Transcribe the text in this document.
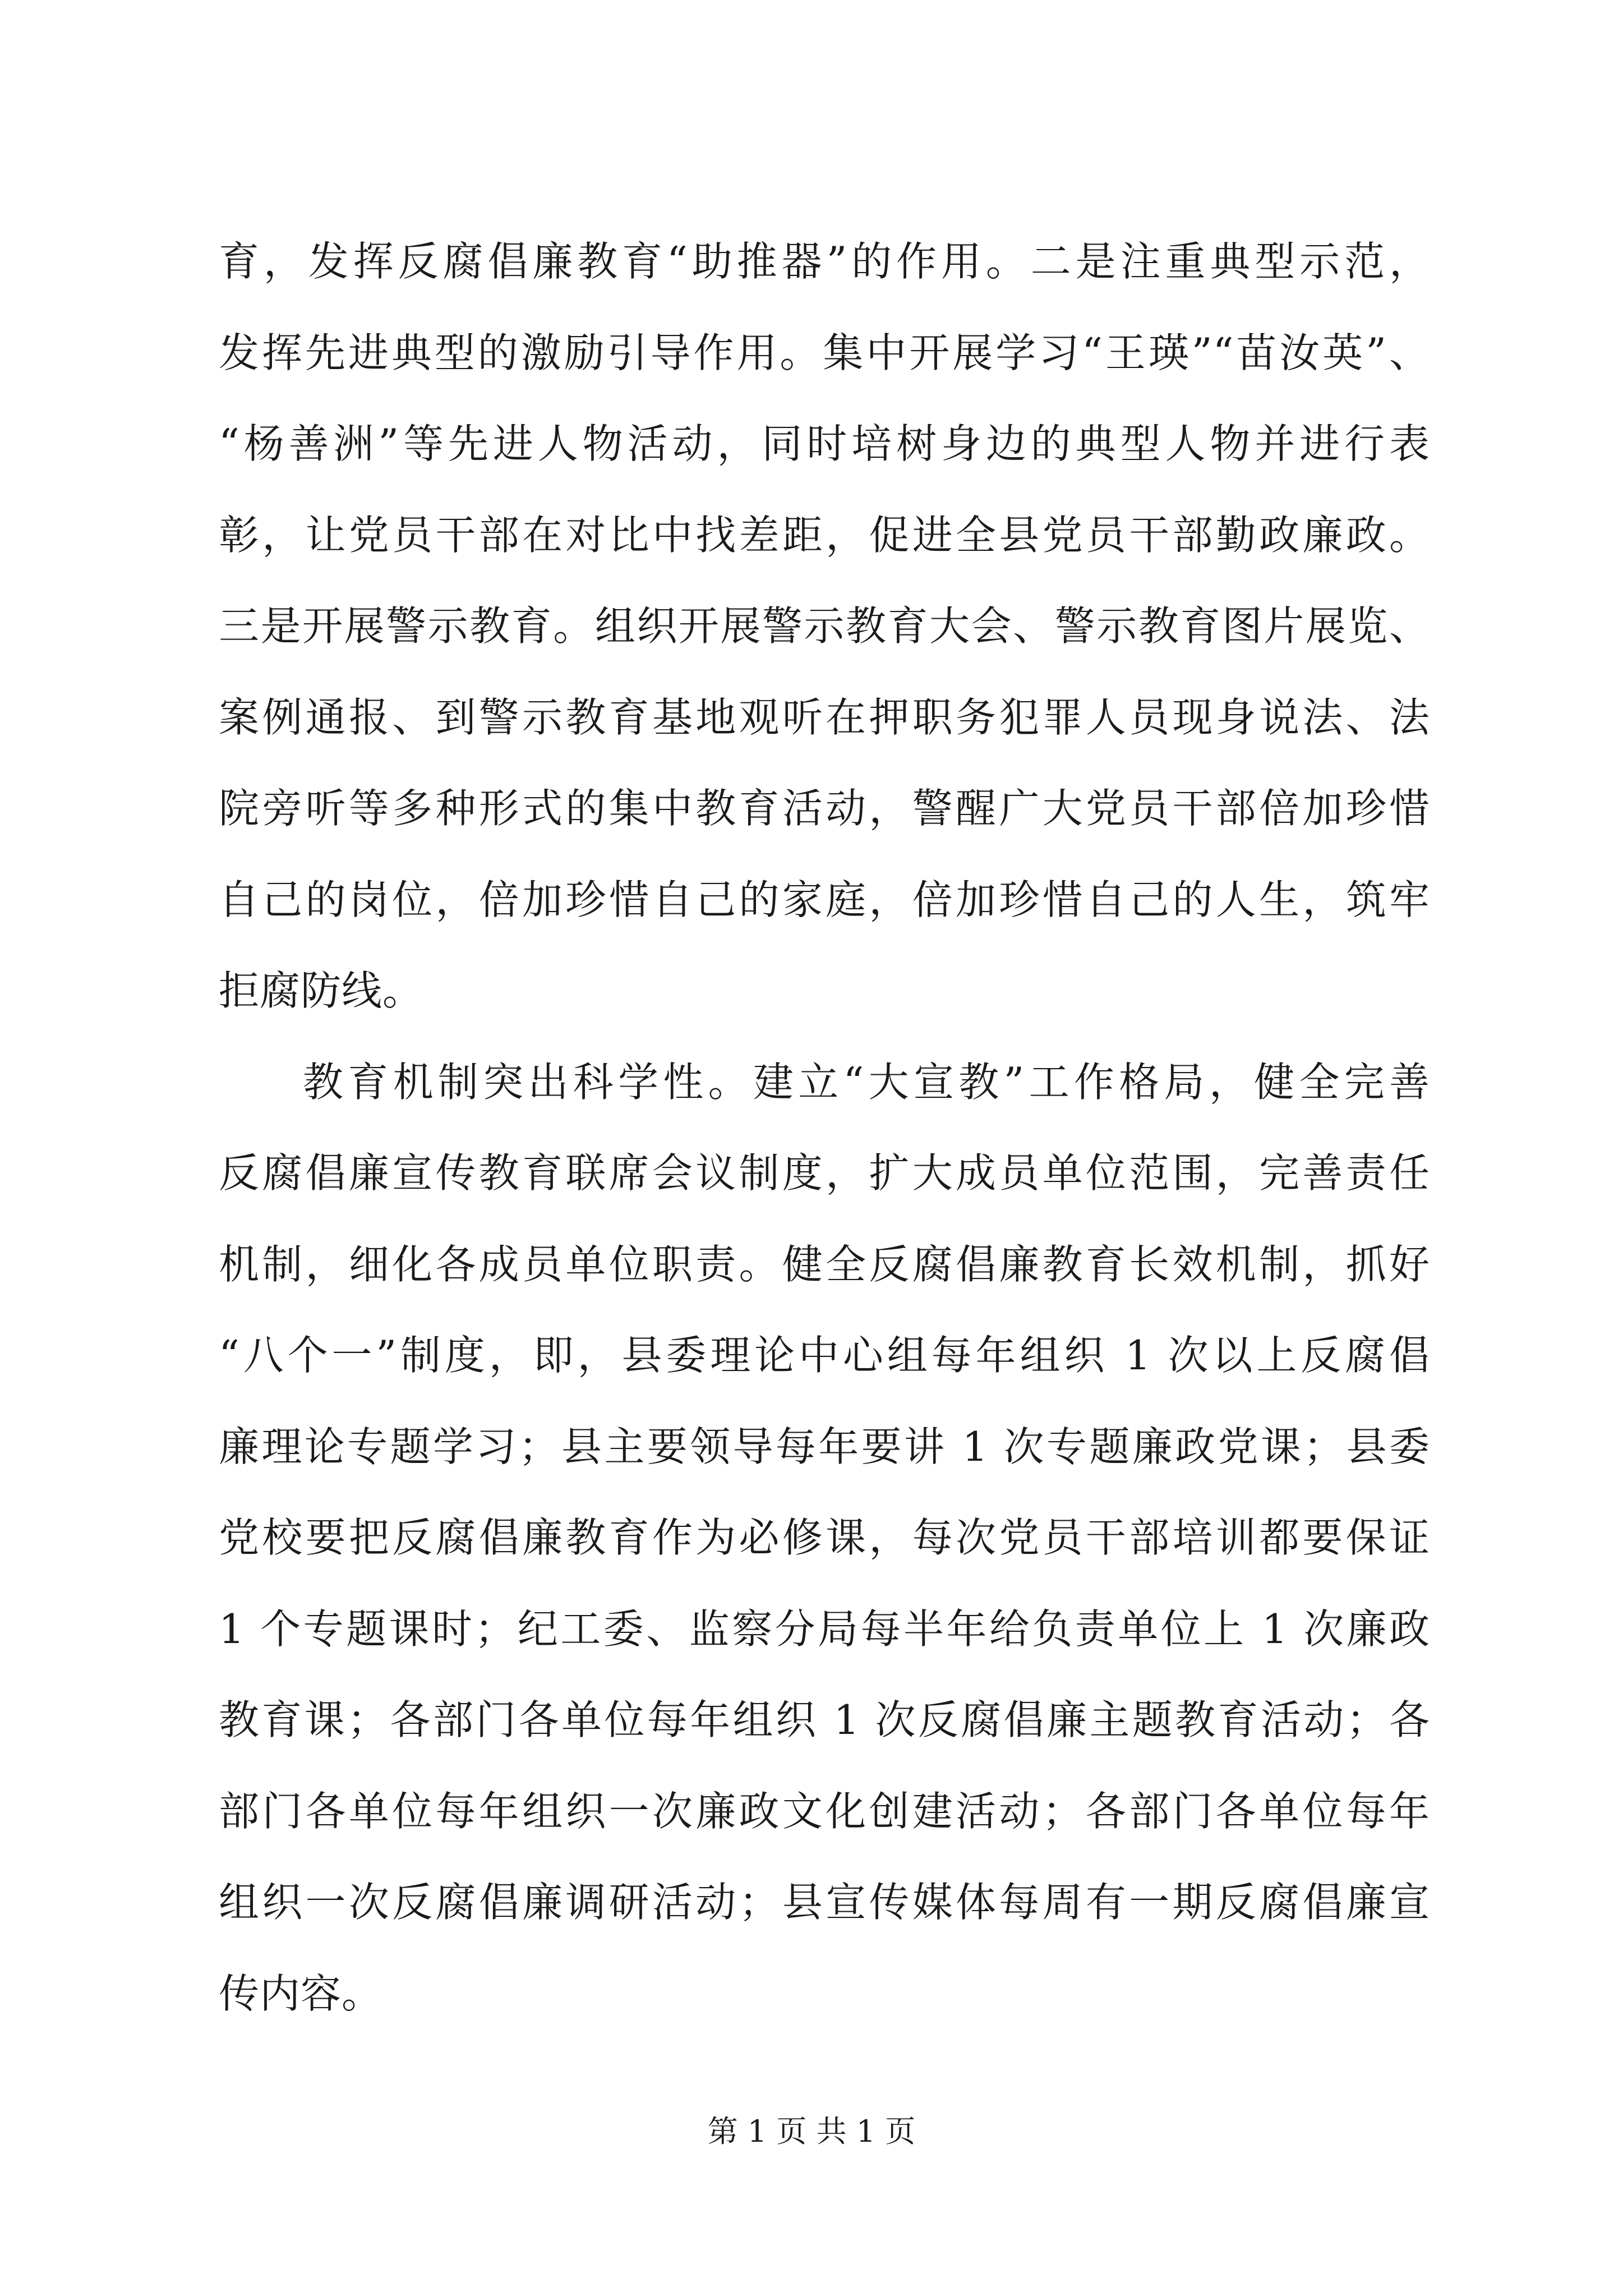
育，发挥反腐倡廉教育“助推器”的作用。二是注重典型示范，
发挥先进典型的激励引导作用。集中开展学习“王瑛”“苗汝英”、
“杨善洲”等先进人物活动，同时培树身边的典型人物并进行表
彰，让党员干部在对比中找差距，促进全县党员干部勤政廉政。
三是开展警示教育。组织开展警示教育大会、警示教育图片展览、
案例通报、到警示教育基地观听在押职务犯罪人员现身说法、法
院旁听等多种形式的集中教育活动，警醒广大党员干部倍加珍惜
自己的岗位，倍加珍惜自己的家庭，倍加珍惜自己的人生，筑牢
拒腐防线。
教育机制突出科学性。建立“大宣教”工作格局，健全完善
反腐倡廉宣传教育联席会议制度，扩大成员单位范围，完善责任
机制，细化各成员单位职责。健全反腐倡廉教育长效机制，抓好
“八个一”制度，即，县委理论中心组每年组织 1 次以上反腐倡
廉理论专题学习；县主要领导每年要讲 1 次专题廉政党课；县委
党校要把反腐倡廉教育作为必修课，每次党员干部培训都要保证
1 个专题课时；纪工委、监察分局每半年给负责单位上 1 次廉政
教育课；各部门各单位每年组织 1 次反腐倡廉主题教育活动；各
部门各单位每年组织一次廉政文化创建活动；各部门各单位每年
组织一次反腐倡廉调研活动；县宣传媒体每周有一期反腐倡廉宣
传内容。
第 1 页 共 1 页
